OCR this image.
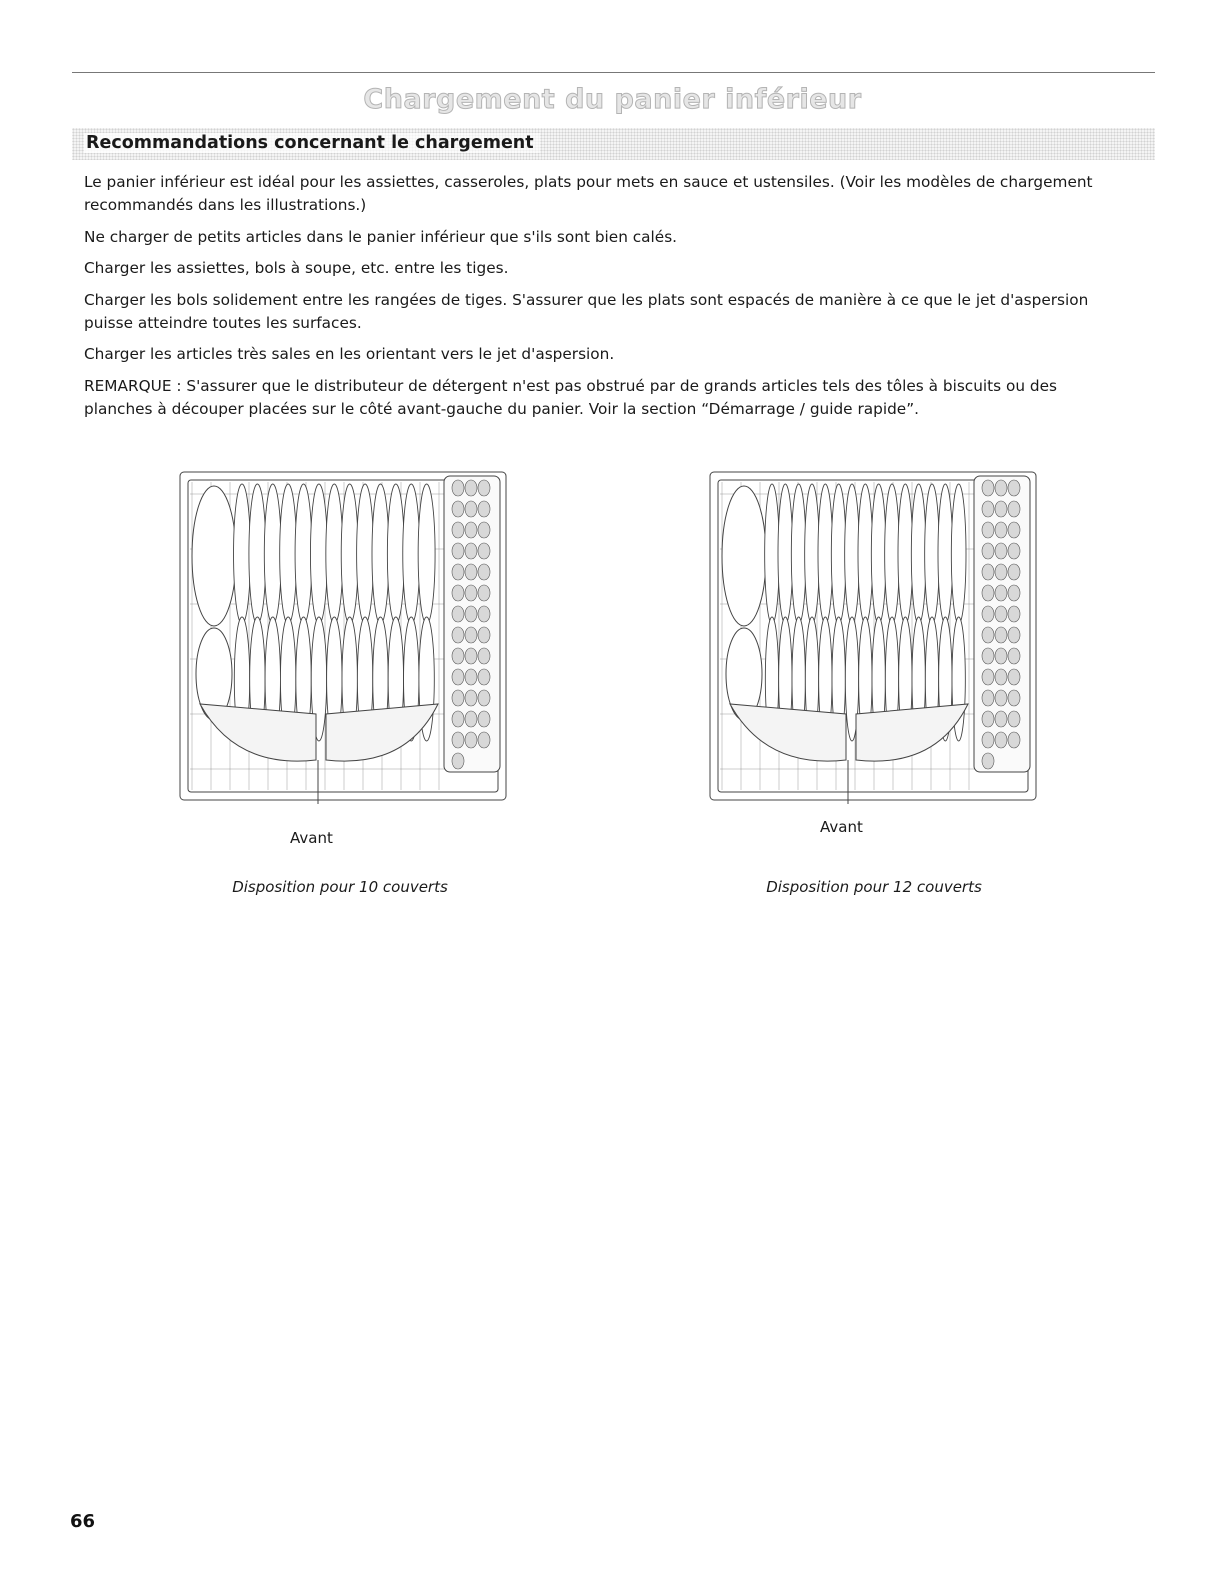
Chargement du panier inférieur
Recommandations concernant le chargement

Le panier inférieur est idéal pour les assiettes, casseroles, plats pour mets en sauce et ustensiles. (Voir les modèles de chargement recommandés dans les illustrations.)

Ne charger de petits articles dans le panier inférieur que s'ils sont bien calés.

Charger les assiettes, bols à soupe, etc. entre les tiges.

Charger les bols solidement entre les rangées de tiges. S'assurer que les plats sont espacés de manière à ce que le jet d'aspersion puisse atteindre toutes les surfaces.

Charger les articles très sales en les orientant vers le jet d'aspersion.

REMARQUE : S'assurer que le distributeur de détergent n'est pas obstrué par de grands articles tels des tôles à biscuits ou des planches à découper placées sur le côté avant-gauche du panier. Voir la section “Démarrage / guide rapide”.

Avant
Disposition pour 10 couverts
Avant
Disposition pour 12 couverts
66
